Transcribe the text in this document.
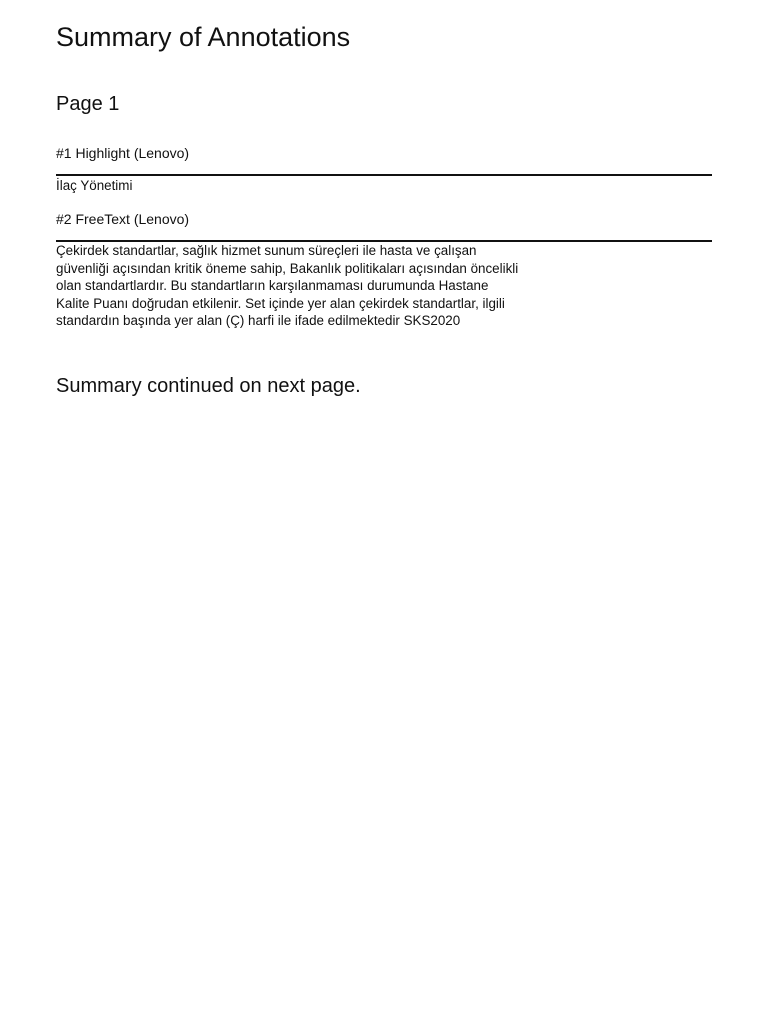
Summary of Annotations
Page 1
#1 Highlight (Lenovo)
İlaç Yönetimi
#2 FreeText (Lenovo)
Çekirdek standartlar, sağlık hizmet sunum süreçleri ile hasta ve çalışan
güvenliği açısından kritik öneme sahip, Bakanlık politikaları açısından öncelikli
olan standartlardır. Bu standartların karşılanmaması durumunda Hastane
Kalite Puanı doğrudan etkilenir. Set içinde yer alan çekirdek standartlar, ilgili
standardın başında yer alan (Ç) harfi ile ifade edilmektedir SKS2020
Summary continued on next page.
